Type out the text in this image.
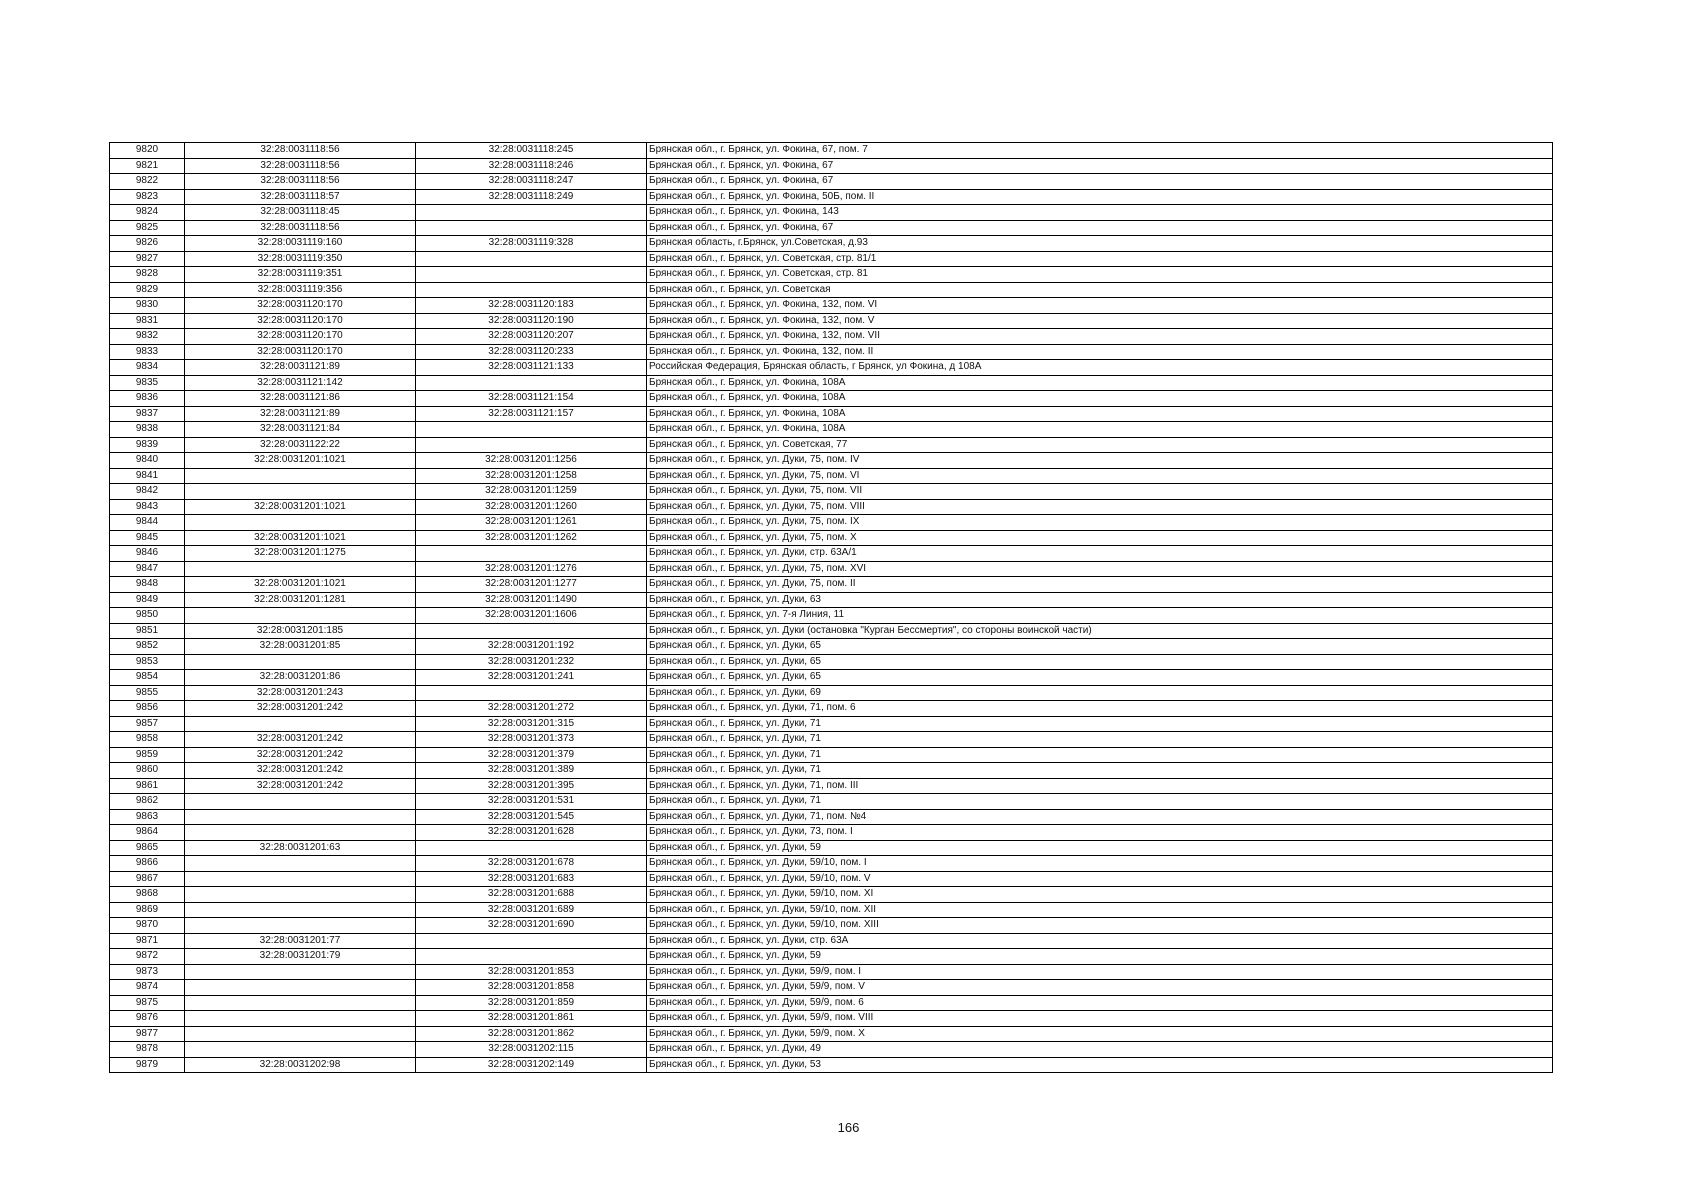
9820	32:28:0031118:56	32:28:0031118:245	Брянская обл., г. Брянск, ул. Фокина, 67, пом. 7
9821	32:28:0031118:56	32:28:0031118:246	Брянская обл., г. Брянск, ул. Фокина, 67
9822	32:28:0031118:56	32:28:0031118:247	Брянская обл., г. Брянск, ул. Фокина, 67
9823	32:28:0031118:57	32:28:0031118:249	Брянская обл., г. Брянск, ул. Фокина, 50Б, пом. II
9824	32:28:0031118:45		Брянская обл., г. Брянск, ул. Фокина, 143
9825	32:28:0031118:56		Брянская обл., г. Брянск, ул. Фокина, 67
9826	32:28:0031119:160	32:28:0031119:328	Брянская область, г.Брянск, ул.Советская, д.93
9827	32:28:0031119:350		Брянская обл., г. Брянск, ул. Советская, стр. 81/1
9828	32:28:0031119:351		Брянская обл., г. Брянск, ул. Советская, стр. 81
9829	32:28:0031119:356		Брянская обл., г. Брянск, ул. Советская
9830	32:28:0031120:170	32:28:0031120:183	Брянская обл., г. Брянск, ул. Фокина, 132, пом. VI
9831	32:28:0031120:170	32:28:0031120:190	Брянская обл., г. Брянск, ул. Фокина, 132, пом. V
9832	32:28:0031120:170	32:28:0031120:207	Брянская обл., г. Брянск, ул. Фокина, 132, пом. VII
9833	32:28:0031120:170	32:28:0031120:233	Брянская обл., г. Брянск, ул. Фокина, 132, пом. II
9834	32:28:0031121:89	32:28:0031121:133	Российская Федерация, Брянская область, г Брянск, ул Фокина, д 108А
9835	32:28:0031121:142		Брянская обл., г. Брянск, ул. Фокина, 108А
9836	32:28:0031121:86	32:28:0031121:154	Брянская обл., г. Брянск, ул. Фокина, 108А
9837	32:28:0031121:89	32:28:0031121:157	Брянская обл., г. Брянск, ул. Фокина, 108А
9838	32:28:0031121:84		Брянская обл., г. Брянск, ул. Фокина, 108А
9839	32:28:0031122:22		Брянская обл., г. Брянск, ул. Советская, 77
9840	32:28:0031201:1021	32:28:0031201:1256	Брянская обл., г. Брянск, ул. Дуки, 75, пом. IV
9841		32:28:0031201:1258	Брянская обл., г. Брянск, ул. Дуки, 75, пом. VI
9842		32:28:0031201:1259	Брянская обл., г. Брянск, ул. Дуки, 75, пом. VII
9843	32:28:0031201:1021	32:28:0031201:1260	Брянская обл., г. Брянск, ул. Дуки, 75, пом. VIII
9844		32:28:0031201:1261	Брянская обл., г. Брянск, ул. Дуки, 75, пом. IX
9845	32:28:0031201:1021	32:28:0031201:1262	Брянская обл., г. Брянск, ул. Дуки, 75, пом. X
9846	32:28:0031201:1275		Брянская обл., г. Брянск, ул. Дуки, стр. 63А/1
9847		32:28:0031201:1276	Брянская обл., г. Брянск, ул. Дуки, 75, пом. XVI
9848	32:28:0031201:1021	32:28:0031201:1277	Брянская обл., г. Брянск, ул. Дуки, 75, пом. II
9849	32:28:0031201:1281	32:28:0031201:1490	Брянская обл., г. Брянск, ул. Дуки, 63
9850		32:28:0031201:1606	Брянская обл., г. Брянск, ул. 7-я Линия, 11
9851	32:28:0031201:185		Брянская обл., г. Брянск, ул. Дуки (остановка "Курган Бессмертия", со стороны воинской части)
9852	32:28:0031201:85	32:28:0031201:192	Брянская обл., г. Брянск, ул. Дуки, 65
9853		32:28:0031201:232	Брянская обл., г. Брянск, ул. Дуки, 65
9854	32:28:0031201:86	32:28:0031201:241	Брянская обл., г. Брянск, ул. Дуки, 65
9855	32:28:0031201:243		Брянская обл., г. Брянск, ул. Дуки, 69
9856	32:28:0031201:242	32:28:0031201:272	Брянская обл., г. Брянск, ул. Дуки, 71, пом. 6
9857		32:28:0031201:315	Брянская обл., г. Брянск, ул. Дуки, 71
9858	32:28:0031201:242	32:28:0031201:373	Брянская обл., г. Брянск, ул. Дуки, 71
9859	32:28:0031201:242	32:28:0031201:379	Брянская обл., г. Брянск, ул. Дуки, 71
9860	32:28:0031201:242	32:28:0031201:389	Брянская обл., г. Брянск, ул. Дуки, 71
9861	32:28:0031201:242	32:28:0031201:395	Брянская обл., г. Брянск, ул. Дуки, 71, пом. III
9862		32:28:0031201:531	Брянская обл., г. Брянск, ул. Дуки, 71
9863		32:28:0031201:545	Брянская обл., г. Брянск, ул. Дуки, 71, пом. №4
9864		32:28:0031201:628	Брянская обл., г. Брянск, ул. Дуки, 73, пом. I
9865	32:28:0031201:63		Брянская обл., г. Брянск, ул. Дуки, 59
9866		32:28:0031201:678	Брянская обл., г. Брянск, ул. Дуки, 59/10, пом. I
9867		32:28:0031201:683	Брянская обл., г. Брянск, ул. Дуки, 59/10, пом. V
9868		32:28:0031201:688	Брянская обл., г. Брянск, ул. Дуки, 59/10, пом. XI
9869		32:28:0031201:689	Брянская обл., г. Брянск, ул. Дуки, 59/10, пом. XII
9870		32:28:0031201:690	Брянская обл., г. Брянск, ул. Дуки, 59/10, пом. XIII
9871	32:28:0031201:77		Брянская обл., г. Брянск, ул. Дуки, стр. 63А
9872	32:28:0031201:79		Брянская обл., г. Брянск, ул. Дуки, 59
9873		32:28:0031201:853	Брянская обл., г. Брянск, ул. Дуки, 59/9, пом. I
9874		32:28:0031201:858	Брянская обл., г. Брянск, ул. Дуки, 59/9, пом. V
9875		32:28:0031201:859	Брянская обл., г. Брянск, ул. Дуки, 59/9, пом. 6
9876		32:28:0031201:861	Брянская обл., г. Брянск, ул. Дуки, 59/9, пом. VIII
9877		32:28:0031201:862	Брянская обл., г. Брянск, ул. Дуки, 59/9, пом. X
9878		32:28:0031202:115	Брянская обл., г. Брянск, ул. Дуки, 49
9879	32:28:0031202:98	32:28:0031202:149	Брянская обл., г. Брянск, ул. Дуки, 53
166
